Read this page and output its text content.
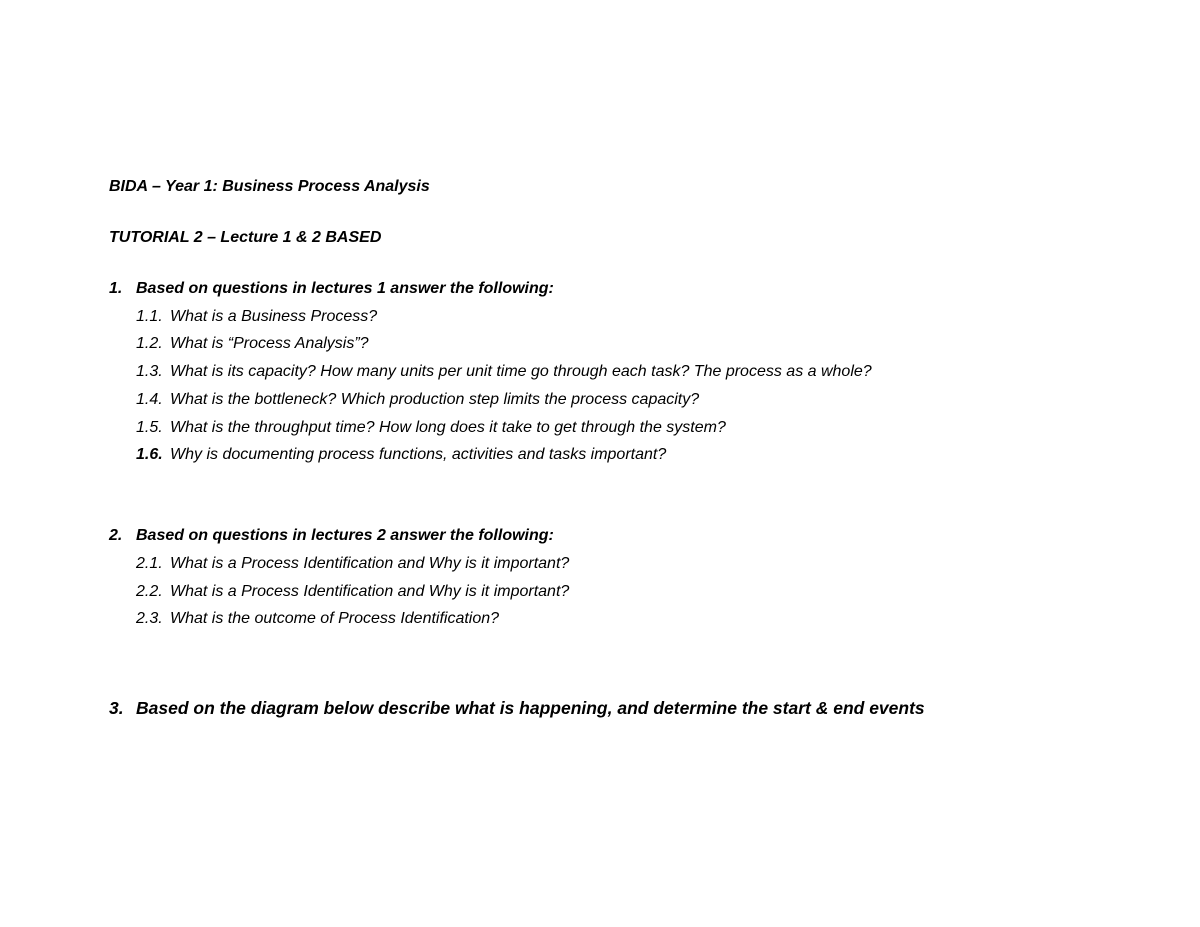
BIDA – Year 1: Business Process Analysis
TUTORIAL 2 – Lecture 1 & 2 BASED
1. Based on questions in lectures 1 answer the following:
1.1. What is a Business Process?
1.2. What is “Process Analysis”?
1.3. What is its capacity? How many units per unit time go through each task? The process as a whole?
1.4. What is the bottleneck? Which production step limits the process capacity?
1.5. What is the throughput time? How long does it take to get through the system?
1.6. Why is documenting process functions, activities and tasks important?
2. Based on questions in lectures 2 answer the following:
2.1. What is a Process Identification and Why is it important?
2.2. What is a Process Identification and Why is it important?
2.3. What is the outcome of Process Identification?
3. Based on the diagram below describe what is happening, and determine the start & end events
